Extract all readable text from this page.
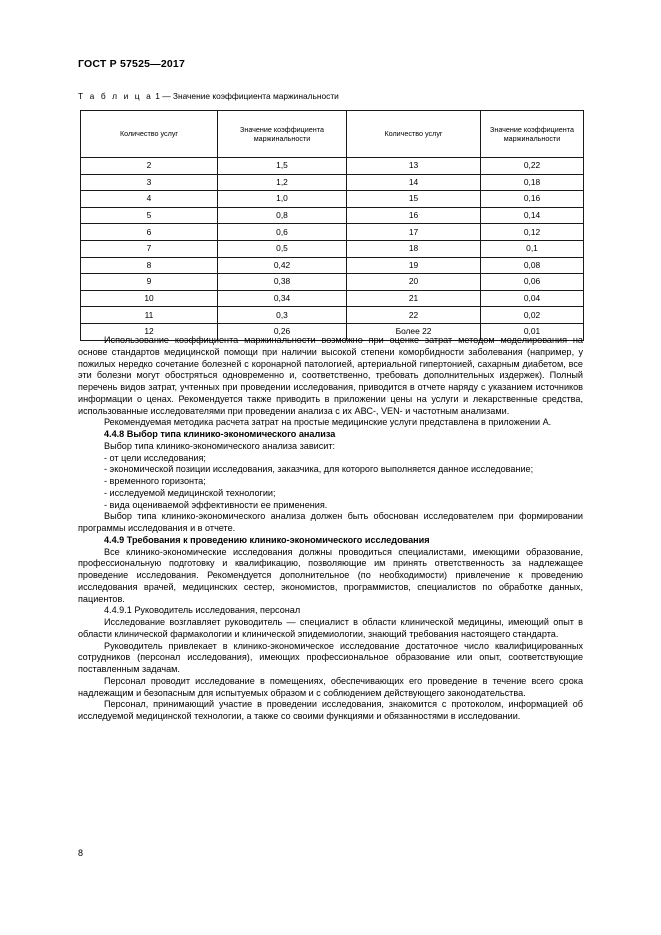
ГОСТ Р 57525—2017
Т а б л и ц а 1 — Значение коэффициента маржинальности
Количество услуг	Значение коэффициента маржинальности	Количество услуг	Значение коэффициента маржинальности
2	1,5	13	0,22
3	1,2	14	0,18
4	1,0	15	0,16
5	0,8	16	0,14
6	0,6	17	0,12
7	0,5	18	0,1
8	0,42	19	0,08
9	0,38	20	0,06
10	0,34	21	0,04
11	0,3	22	0,02
12	0,26	Более 22	0,01

Использование коэффициента маржинальности возможно при оценке затрат методом моделирования на основе стандартов медицинской помощи при наличии высокой степени коморбидности заболевания (например, у пожилых нередко сочетание болезней с коронарной патологией, артериальной гипертонией, сахарным диабетом, все эти болезни могут обостряться одновременно и, соответственно, требовать дополнительных издержек). Полный перечень видов затрат, учтенных при проведении исследования, приводится в отчете наряду с указанием источников информации о ценах. Рекомендуется также приводить в приложении цены на услуги и лекарственные средства, использованные исследователями при проведении анализа с их АВС-, VEN- и частотным анализами.

Рекомендуемая методика расчета затрат на простые медицинские услуги представлена в приложении А.

4.4.8 Выбор типа клинико-экономического анализа

Выбор типа клинико-экономического анализа зависит:

- от цели исследования;

- экономической позиции исследования, заказчика, для которого выполняется данное исследование;

- временного горизонта;

- исследуемой медицинской технологии;

- вида оцениваемой эффективности ее применения.

Выбор типа клинико-экономического анализа должен быть обоснован исследователем при формировании программы исследования и в отчете.

4.4.9 Требования к проведению клинико-экономического исследования

Все клинико-экономические исследования должны проводиться специалистами, имеющими образование, профессиональную подготовку и квалификацию, позволяющие им принять ответственность за надлежащее проведение исследования. Рекомендуется дополнительное (по необходимости) привлечение к проведению исследования врачей, медицинских сестер, экономистов, программистов, специалистов по обработке данных, пациентов.

4.4.9.1 Руководитель исследования, персонал

Исследование возглавляет руководитель — специалист в области клинической медицины, имеющий опыт в области клинической фармакологии и клинической эпидемиологии, знающий требования настоящего стандарта.

Руководитель привлекает в клинико-экономическое исследование достаточное число квалифицированных сотрудников (персонал исследования), имеющих профессиональное образование или опыт, соответствующие поставленным задачам.

Персонал проводит исследование в помещениях, обеспечивающих его проведение в течение всего срока надлежащим и безопасным для испытуемых образом и с соблюдением действующего законодательства.

Персонал, принимающий участие в проведении исследования, знакомится с протоколом, информацией об исследуемой медицинской технологии, а также со своими функциями и обязанностями в исследовании.

8
